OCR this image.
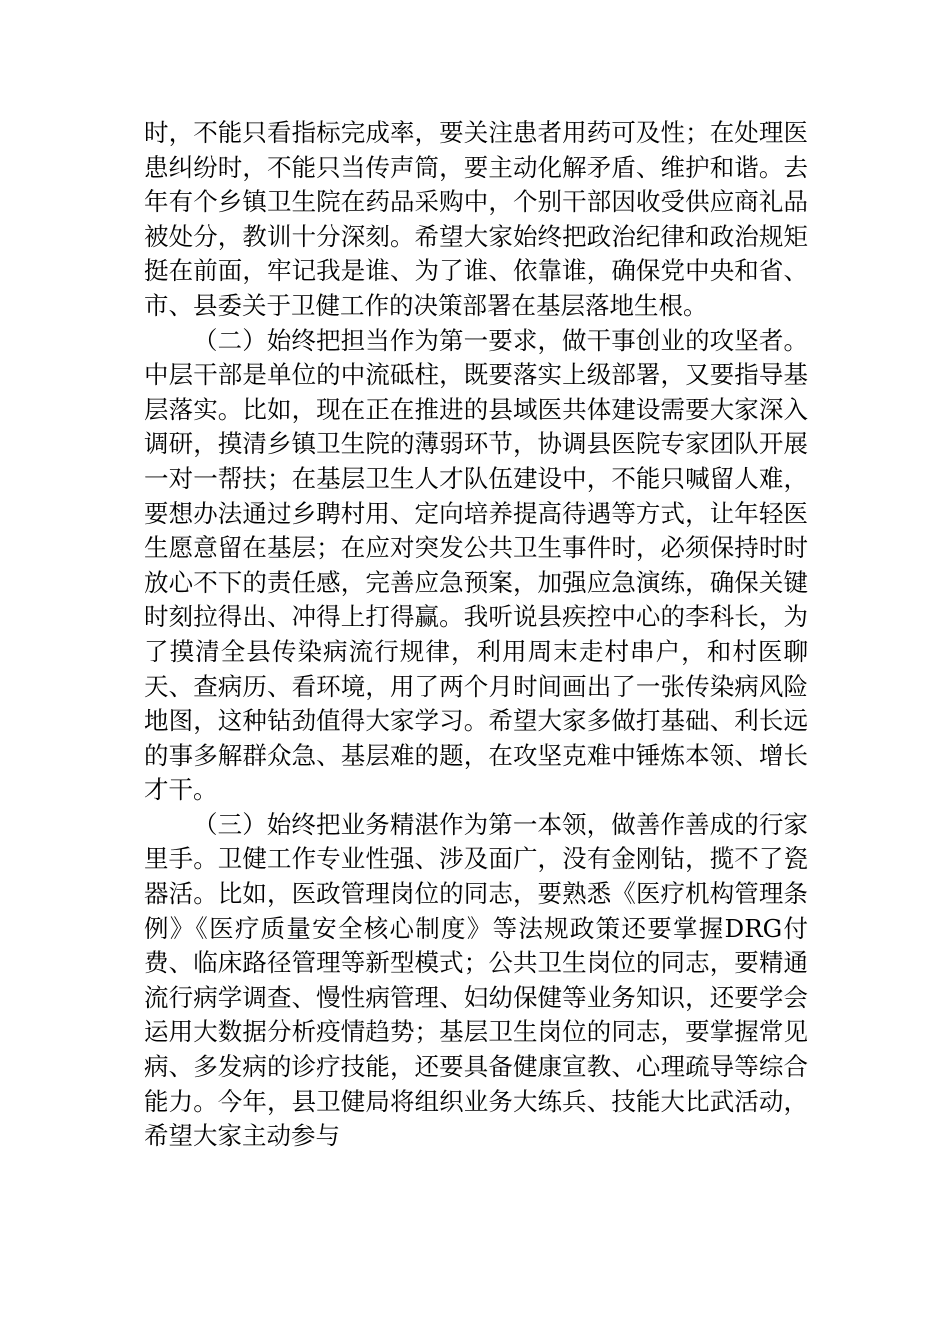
时，不能只看指标完成率，要关注患者用药可及性；在处理医患纠纷时，不能只当传声筒，要主动化解矛盾、维护和谐。去年有个乡镇卫生院在药品采购中，个别干部因收受供应商礼品被处分，教训十分深刻。希望大家始终把政治纪律和政治规矩挺在前面，牢记我是谁、为了谁、依靠谁，确保党中央和省、市、县委关于卫健工作的决策部署在基层落地生根。

（二）始终把担当作为第一要求，做干事创业的攻坚者。中层干部是单位的中流砥柱，既要落实上级部署，又要指导基层落实。比如，现在正在推进的县域医共体建设需要大家深入调研，摸清乡镇卫生院的薄弱环节，协调县医院专家团队开展一对一帮扶；在基层卫生人才队伍建设中，不能只喊留人难，要想办法通过乡聘村用、定向培养提高待遇等方式，让年轻医生愿意留在基层；在应对突发公共卫生事件时，必须保持时时放心不下的责任感，完善应急预案，加强应急演练，确保关键时刻拉得出、冲得上打得赢。我听说县疾控中心的李科长，为了摸清全县传染病流行规律，利用周末走村串户，和村医聊天、查病历、看环境，用了两个月时间画出了一张传染病风险地图，这种钻劲值得大家学习。希望大家多做打基础、利长远的事多解群众急、基层难的题，在攻坚克难中锤炼本领、增长才干。

（三）始终把业务精湛作为第一本领，做善作善成的行家里手。卫健工作专业性强、涉及面广，没有金刚钻，揽不了瓷器活。比如，医政管理岗位的同志，要熟悉《医疗机构管理条例》《医疗质量安全核心制度》等法规政策还要掌握DRG付费、临床路径管理等新型模式；公共卫生岗位的同志，要精通流行病学调查、慢性病管理、妇幼保健等业务知识，还要学会运用大数据分析疫情趋势；基层卫生岗位的同志，要掌握常见病、多发病的诊疗技能，还要具备健康宣教、心理疏导等综合能力。今年，县卫健局将组织业务大练兵、技能大比武活动，希望大家主动参与
